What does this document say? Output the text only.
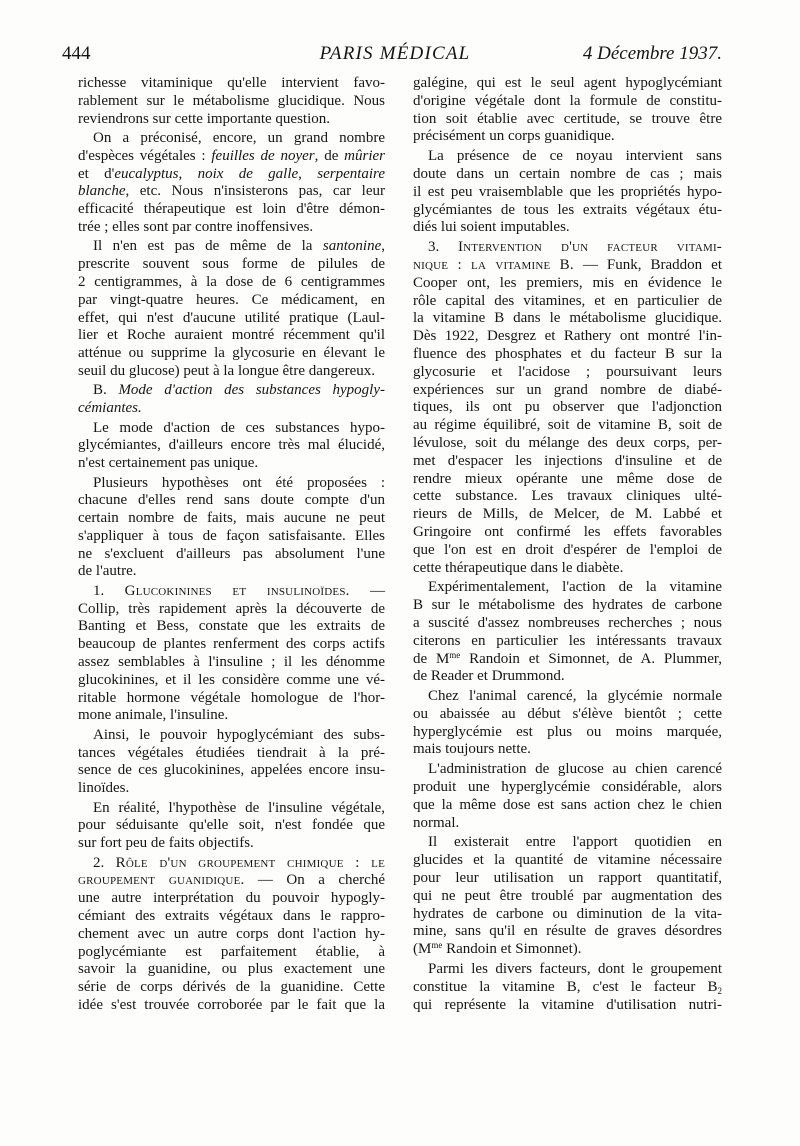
444	PARIS MÉDICAL	4 Décembre 1937.
richesse vitaminique qu'elle intervient favo-
rablement sur le métabolisme glucidique. Nous
reviendrons sur cette importante question.
On a préconisé, encore, un grand nombre
d'espèces végétales : feuilles de noyer, de mûrier
et d'eucalyptus, noix de galle, serpentaire
blanche, etc. Nous n'insisterons pas, car leur
efficacité thérapeutique est loin d'être démon-
trée ; elles sont par contre inoffensives.
Il n'en est pas de même de la santonine,
prescrite souvent sous forme de pilules de
2 centigrammes, à la dose de 6 centigrammes
par vingt-quatre heures. Ce médicament, en
effet, qui n'est d'aucune utilité pratique (Laul-
lier et Roche auraient montré récemment qu'il
atténue ou supprime la glycosurie en élevant le
seuil du glucose) peut à la longue être dangereux.
B. Mode d'action des substances hypogly-
cémiantes.
Le mode d'action de ces substances hypo-
glycémiantes, d'ailleurs encore très mal élucidé,
n'est certainement pas unique.
Plusieurs hypothèses ont été proposées :
chacune d'elles rend sans doute compte d'un
certain nombre de faits, mais aucune ne peut
s'appliquer à tous de façon satisfaisante. Elles
ne s'excluent d'ailleurs pas absolument l'une
de l'autre.
1. Glucokinines et insulinoïdes. —
Collip, très rapidement après la découverte de
Banting et Bess, constate que les extraits de
beaucoup de plantes renferment des corps actifs
assez semblables à l'insuline ; il les dénomme
glucokinines, et il les considère comme une vé-
ritable hormone végétale homologue de l'hor-
mone animale, l'insuline.
Ainsi, le pouvoir hypoglycémiant des subs-
tances végétales étudiées tiendrait à la pré-
sence de ces glucokinines, appelées encore insu-
linoïdes.
En réalité, l'hypothèse de l'insuline végétale,
pour séduisante qu'elle soit, n'est fondée que
sur fort peu de faits objectifs.
2. Rôle d'un groupement chimique : le
groupement guanidique. — On a cherché
une autre interprétation du pouvoir hypogly-
cémiant des extraits végétaux dans le rappro-
chement avec un autre corps dont l'action hy-
poglycémiante est parfaitement établie, à
savoir la guanidine, ou plus exactement une
série de corps dérivés de la guanidine. Cette
idée s'est trouvée corroborée par le fait que la
galégine, qui est le seul agent hypoglycémiant
d'origine végétale dont la formule de constitu-
tion soit établie avec certitude, se trouve être
précisément un corps guanidique.
La présence de ce noyau intervient sans
doute dans un certain nombre de cas ; mais
il est peu vraisemblable que les propriétés hypo-
glycémiantes de tous les extraits végétaux étu-
diés lui soient imputables.
3. Intervention d'un facteur vitami-
nique : la vitamine B. — Funk, Braddon et
Cooper ont, les premiers, mis en évidence le
rôle capital des vitamines, et en particulier de
la vitamine B dans le métabolisme glucidique.
Dès 1922, Desgrez et Rathery ont montré l'in-
fluence des phosphates et du facteur B sur la
glycosurie et l'acidose ; poursuivant leurs
expériences sur un grand nombre de diabé-
tiques, ils ont pu observer que l'adjonction
au régime équilibré, soit de vitamine B, soit de
lévulose, soit du mélange des deux corps, per-
met d'espacer les injections d'insuline et de
rendre mieux opérante une même dose de
cette substance. Les travaux cliniques ulté-
rieurs de Mills, de Melcer, de M. Labbé et
Gringoire ont confirmé les effets favorables
que l'on est en droit d'espérer de l'emploi de
cette thérapeutique dans le diabète.
Expérimentalement, l'action de la vitamine
B sur le métabolisme des hydrates de carbone
a suscité d'assez nombreuses recherches ; nous
citerons en particulier les intéressants travaux
de $M^{me}$ Randoin et Simonnet, de A. Plummer,
de Reader et Drummond.
Chez l'animal carencé, la glycémie normale
ou abaissée au début s'élève bientôt ; cette
hyperglycémie est plus ou moins marquée,
mais toujours nette.
L'administration de glucose au chien carencé
produit une hyperglycémie considérable, alors
que la même dose est sans action chez le chien
normal.
Il existerait entre l'apport quotidien en
glucides et la quantité de vitamine nécessaire
pour leur utilisation un rapport quantitatif,
qui ne peut être troublé par augmentation des
hydrates de carbone ou diminution de la vita-
mine, sans qu'il en résulte de graves désordres
($M^{me}$ Randoin et Simonnet).
Parmi les divers facteurs, dont le groupement
constitue la vitamine B, c'est le facteur $B_2$
qui représente la vitamine d'utilisation nutri-
